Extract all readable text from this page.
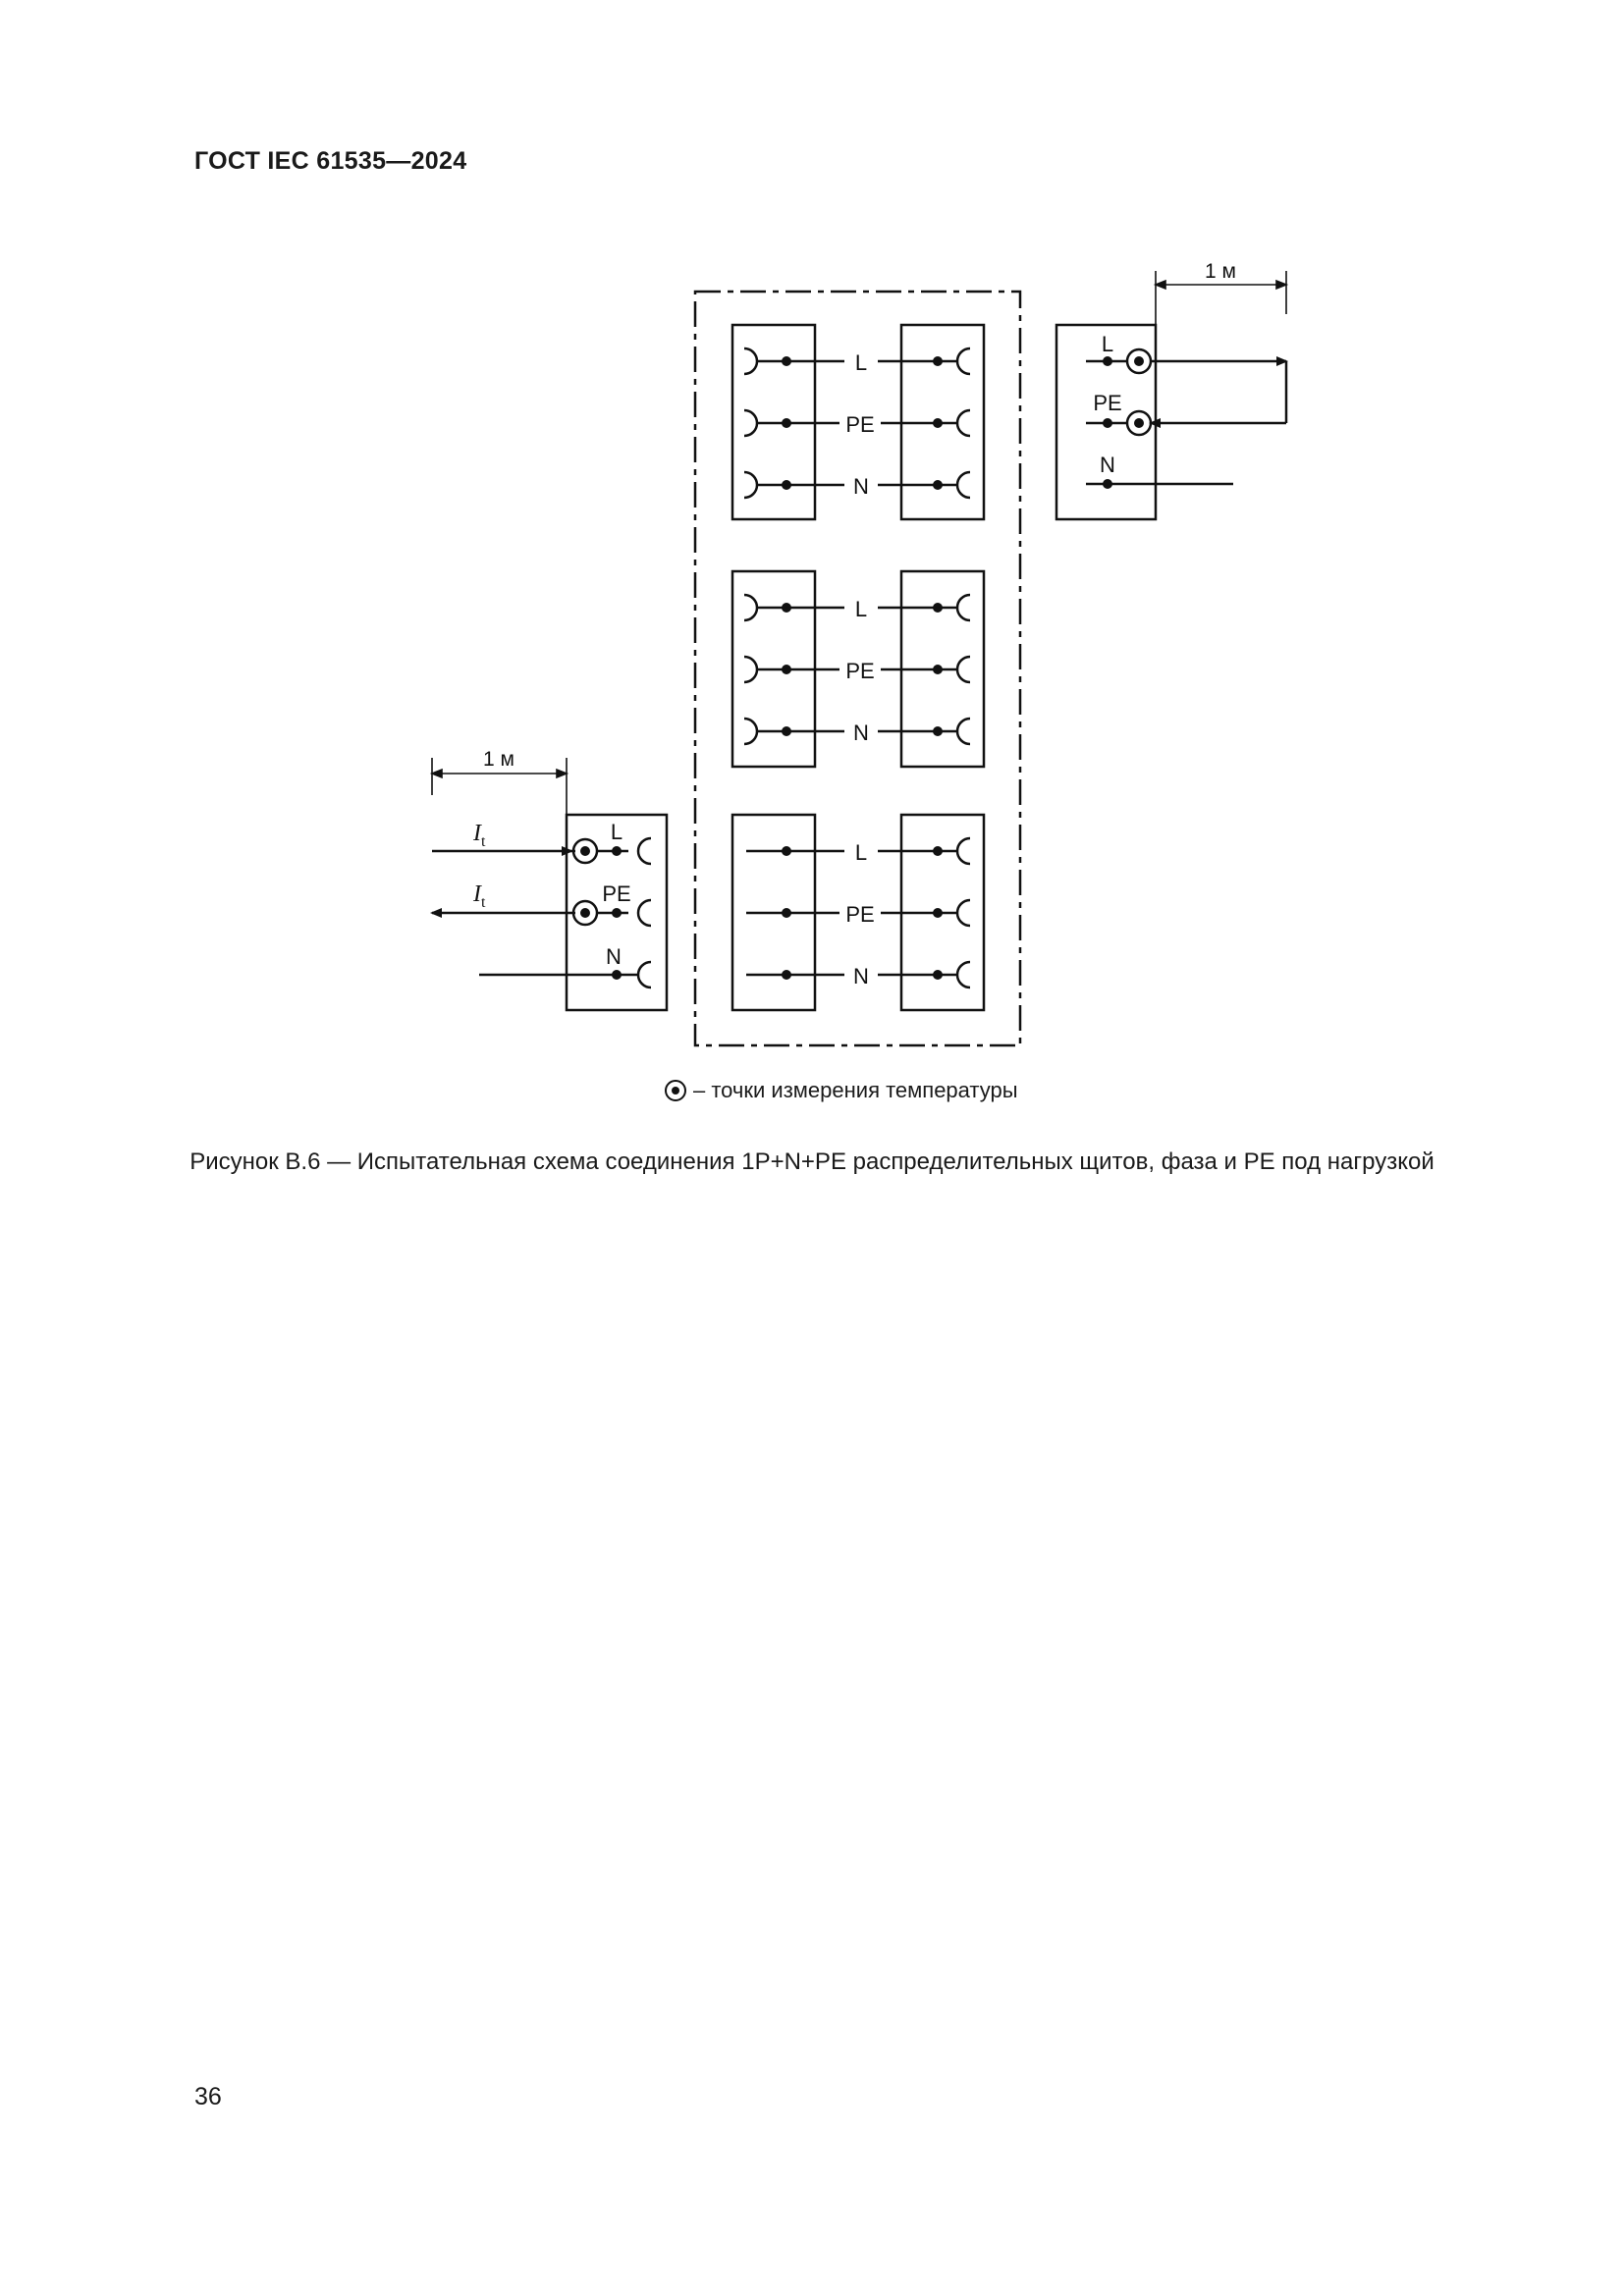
ГОСТ IEC 61535—2024
L
PE
N
L
PE
N
L
PE
N
L
PE
N
L
PE
N
1 м
1 м
$I_t$
$I_t$
– точки измерения температуры
Рисунок B.6 — Испытательная схема соединения 1P+N+PE распределительных щитов, фаза и PE под нагрузкой
36
